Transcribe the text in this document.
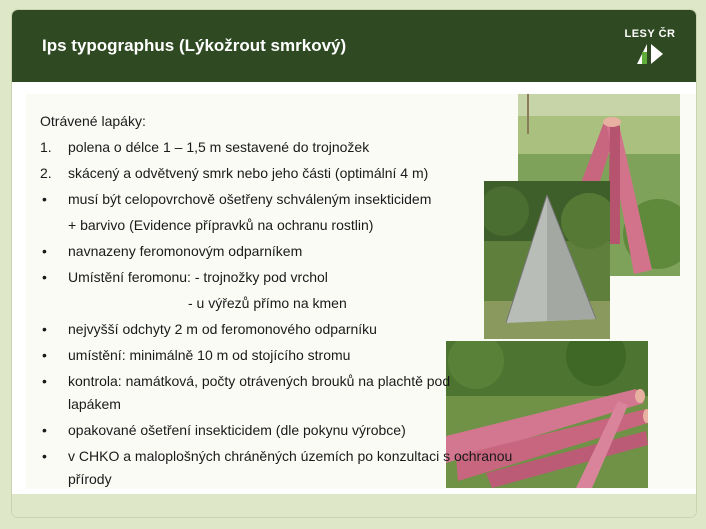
Ips typographus (Lýkožrout smrkový)
LESY ČR
Otrávené lapáky:
1. polena o délce 1 – 1,5 m sestavené do trojnožek
2. skácený a odvětvený smrk nebo jeho části (optimální 4 m)
• musí být celopovrchově ošetřeny schváleným insekticidem
+ barvivo (Evidence přípravků na ochranu rostlin)
• navnazeny feromonovým odparníkem
• Umístění feromonu: - trojnožky pod vrchol
- u výřezů přímo na kmen
• nejvyšší odchyty 2 m od feromonového odparníku
• umístění: minimálně 10 m od stojícího stromu
• kontrola: namátková, počty otrávených brouků na plachtě pod
lapákem
• opakované ošetření insekticidem (dle pokynu výrobce)
• v CHKO a maloplošných chráněných územích po konzultaci s ochranou
přírody
